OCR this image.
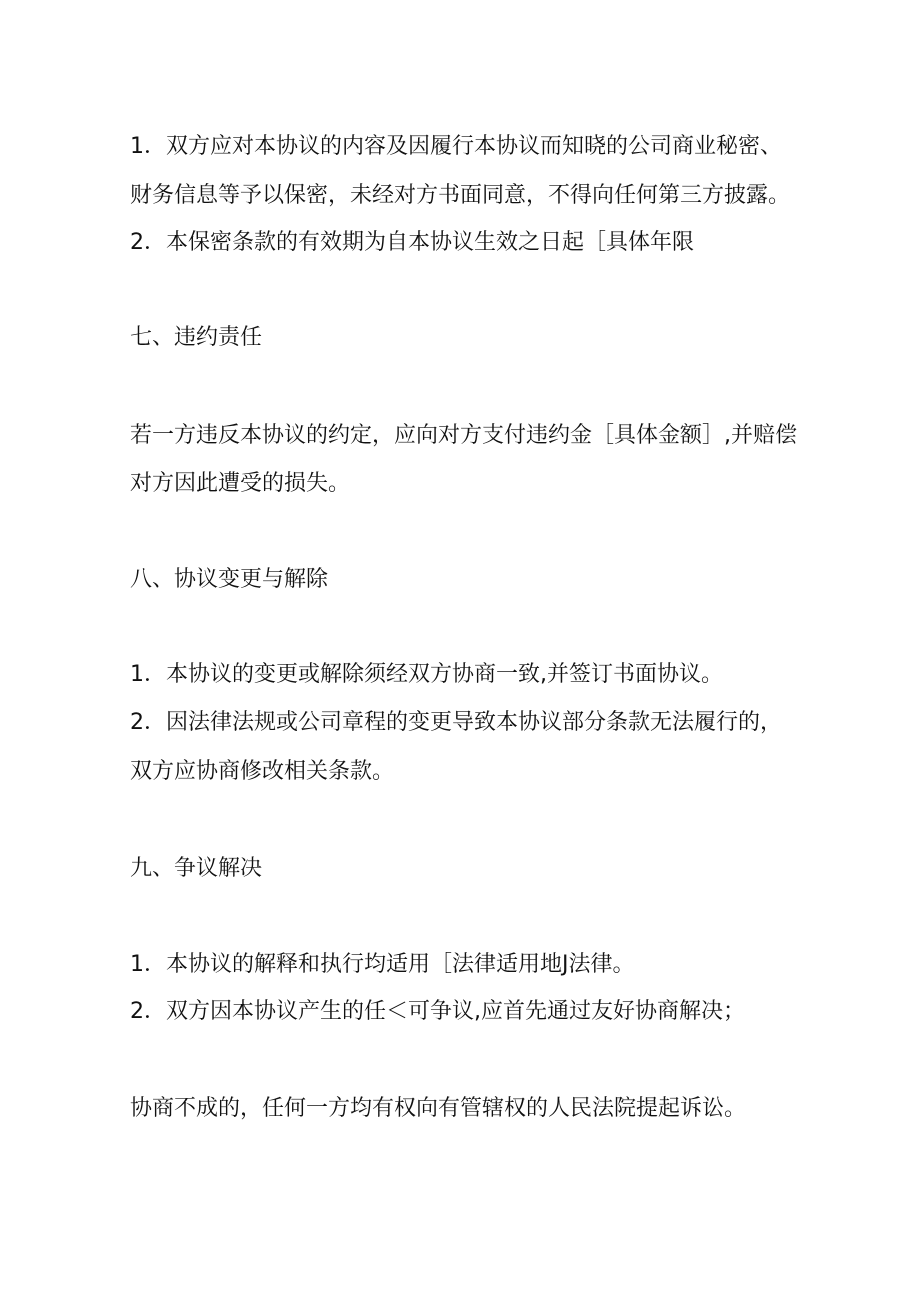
1．双方应对本协议的内容及因履行本协议而知晓的公司商业秘密、
财务信息等予以保密，未经对方书面同意，不得向任何第三方披露。
2．本保密条款的有效期为自本协议生效之日起［具体年限
七、违约责任
若一方违反本协议的约定，应向对方支付违约金［具体金额］,并赔偿
对方因此遭受的损失。
八、协议变更与解除
1．本协议的变更或解除须经双方协商一致,并签订书面协议。
2．因法律法规或公司章程的变更导致本协议部分条款无法履行的，
双方应协商修改相关条款。
九、争议解决
1．本协议的解释和执行均适用［法律适用地J法律。
2．双方因本协议产生的任＜可争议,应首先通过友好协商解决；
协商不成的，任何一方均有权向有管辖权的人民法院提起诉讼。
